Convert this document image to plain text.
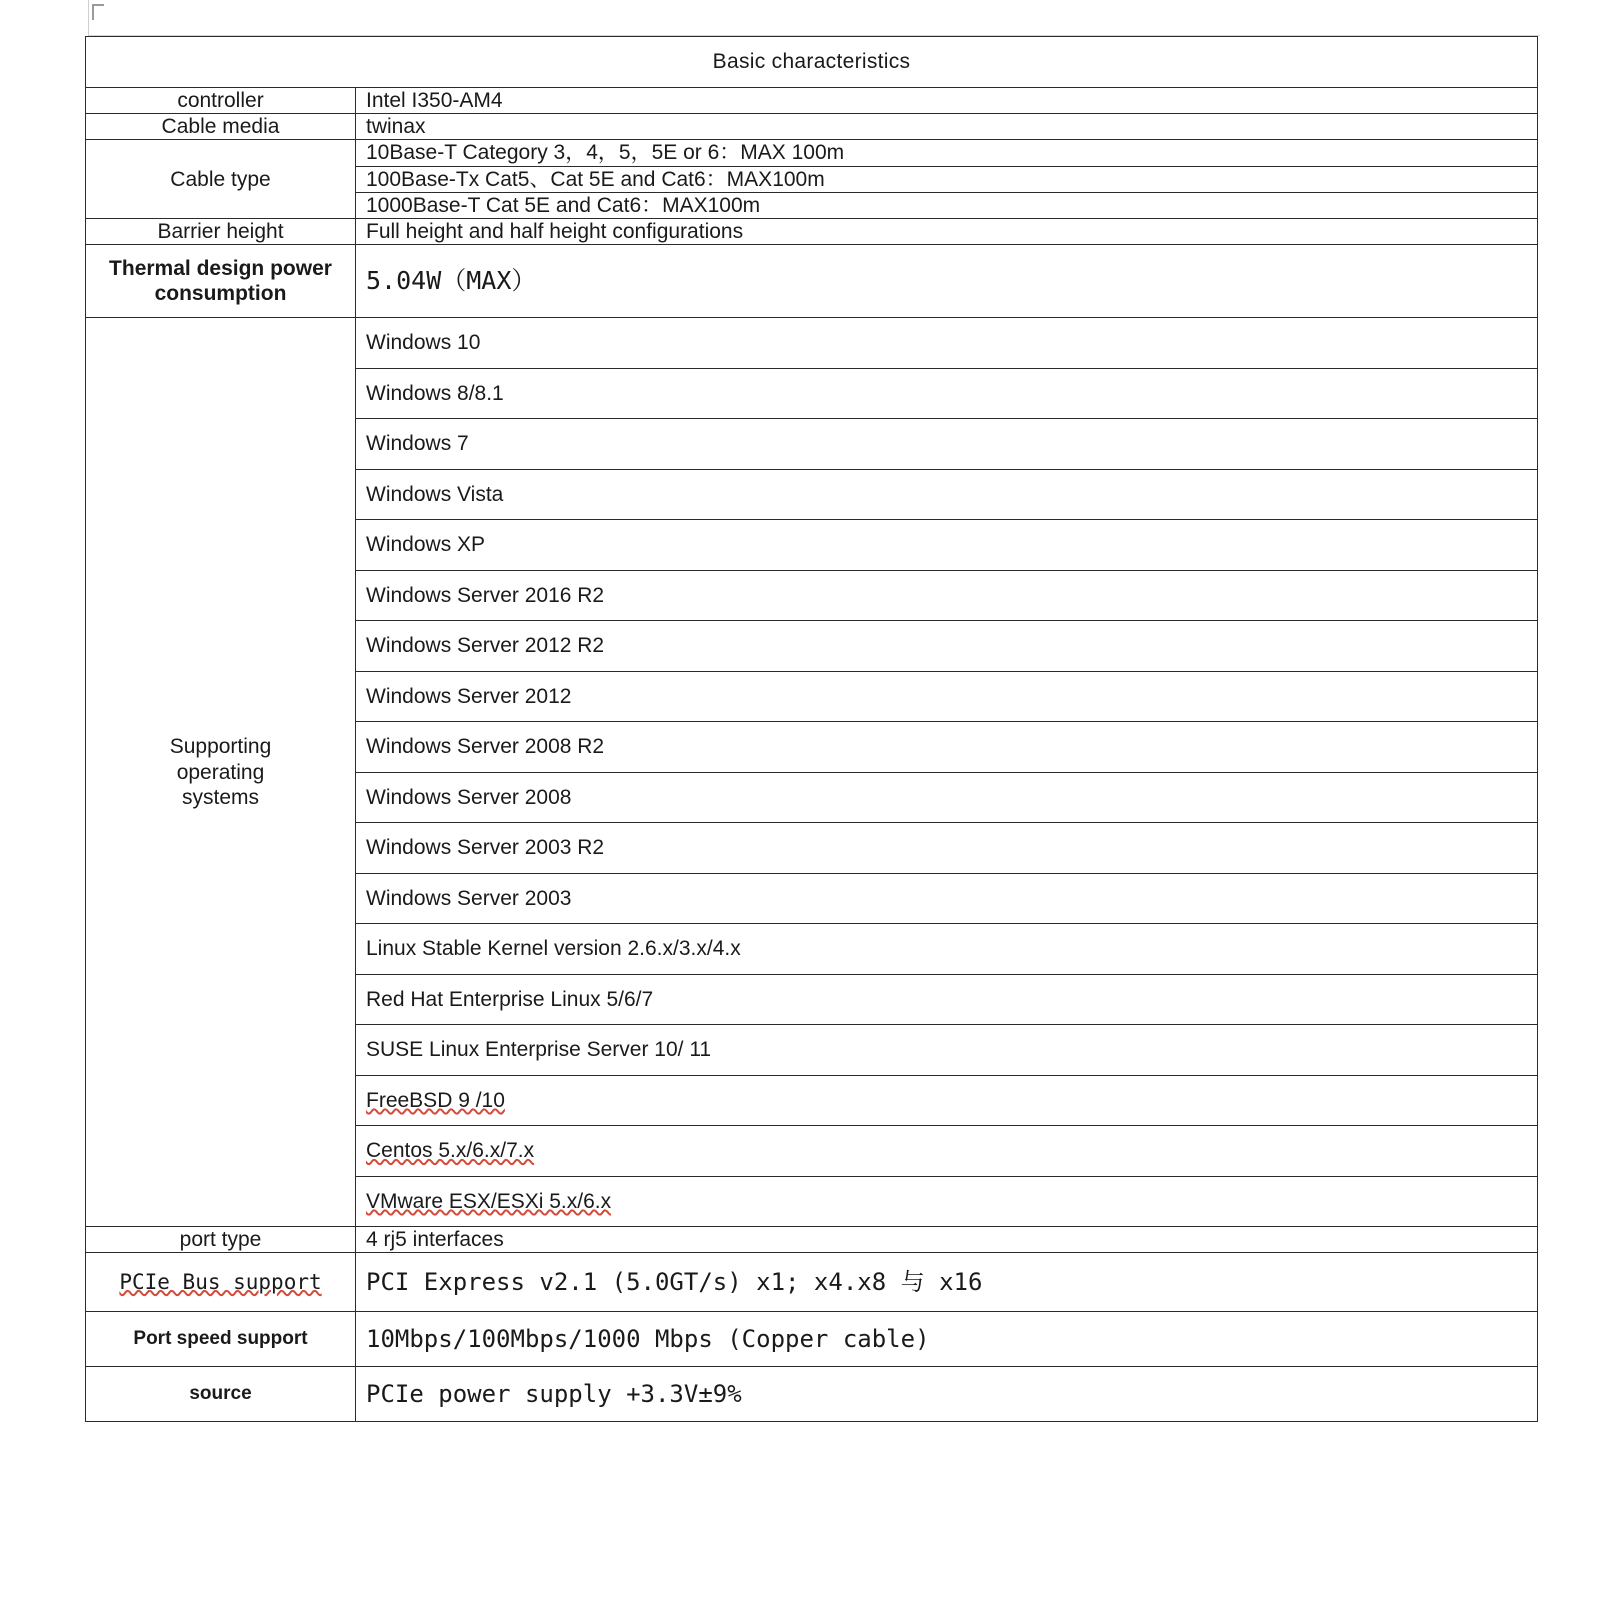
Basic characteristics	
controller	Intel I350-AM4
Cable media	twinax
Cable type	10Base-T Category 3，4，5，5E or 6：MAX 100m
	100Base-Tx Cat5、Cat 5E and Cat6：MAX100m
	1000Base-T Cat 5E and Cat6：MAX100m
Barrier height	Full height and half height configurations
Thermal design power consumption	5.04W（MAX）

Supporting
operating
systems	Windows 10
	Windows 8/8.1
	Windows 7
	Windows Vista
	Windows XP
	Windows Server 2016 R2
	Windows Server 2012 R2
	Windows Server 2012
	Windows Server 2008 R2
	Windows Server 2008
	Windows Server 2003 R2
	Windows Server 2003
	Linux Stable Kernel version 2.6.x/3.x/4.x
	Red Hat Enterprise Linux 5/6/7
	SUSE Linux Enterprise Server 10/ 11
	FreeBSD 9 /10
	Centos 5.x/6.x/7.x
	VMware ESX/ESXi 5.x/6.x
port type	4 rj5 interfaces
PCIe Bus support	PCI Express v2.1 (5.0GT/s) x1; x4.x8 与 x16
Port speed support	10Mbps/100Mbps/1000 Mbps (Copper cable)
source	PCIe power supply +3.3V±9%
